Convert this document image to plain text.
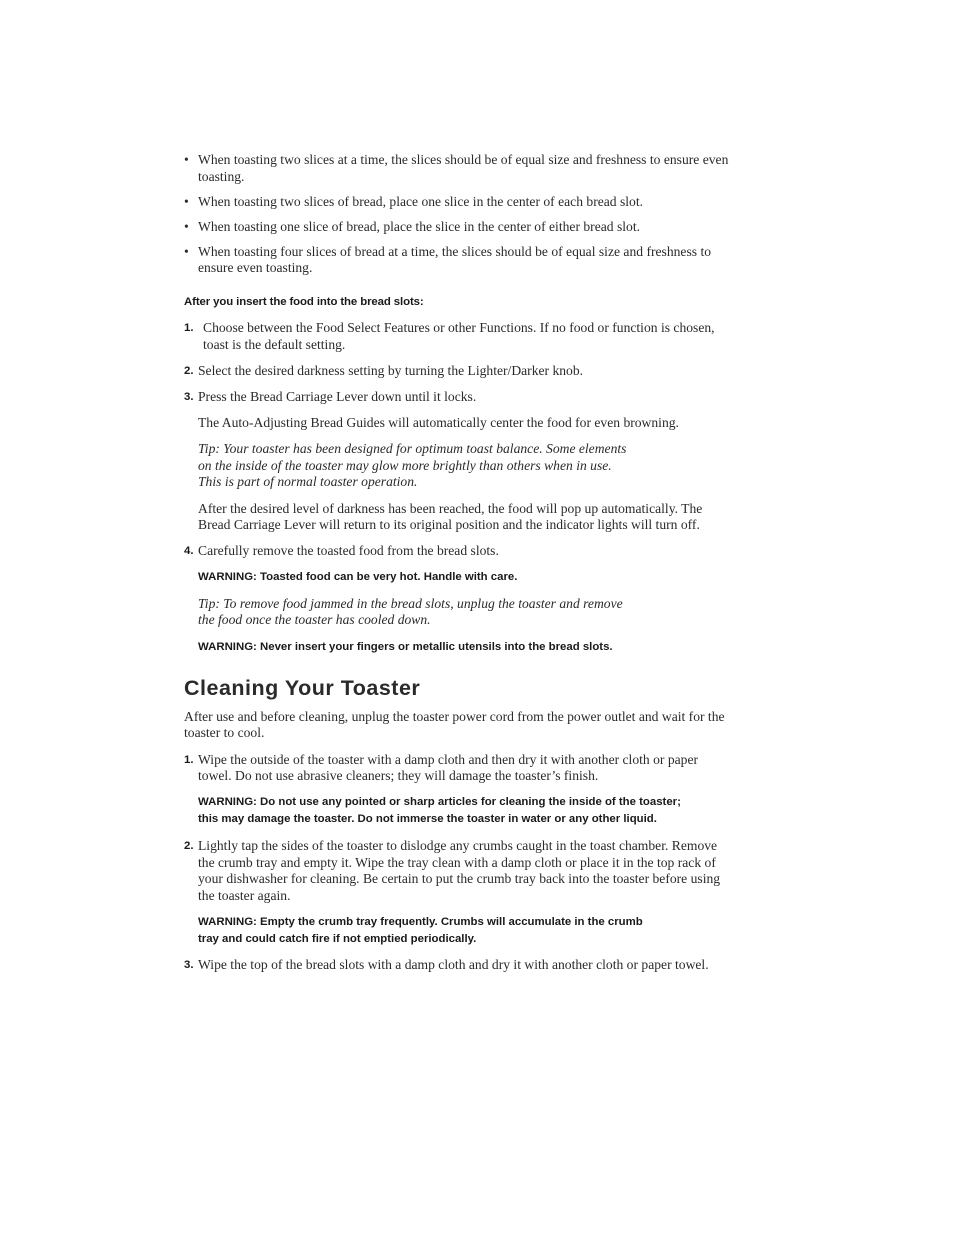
• When toasting two slices at a time, the slices should be of equal size and freshness to ensure even toasting.
• When toasting two slices of bread, place one slice in the center of each bread slot.
• When toasting one slice of bread, place the slice in the center of either bread slot.
• When toasting four slices of bread at a time, the slices should be of equal size and freshness to ensure even toasting.
After you insert the food into the bread slots:
1. Choose between the Food Select Features or other Functions. If no food or function is chosen, toast is the default setting.
2. Select the desired darkness setting by turning the Lighter/Darker knob.
3. Press the Bread Carriage Lever down until it locks.
The Auto-Adjusting Bread Guides will automatically center the food for even browning.
Tip: Your toaster has been designed for optimum toast balance. Some elements
on the inside of the toaster may glow more brightly than others when in use.
This is part of normal toaster operation.
After the desired level of darkness has been reached, the food will pop up automatically. The Bread Carriage Lever will return to its original position and the indicator lights will turn off.
4. Carefully remove the toasted food from the bread slots.
WARNING: Toasted food can be very hot. Handle with care.
Tip: To remove food jammed in the bread slots, unplug the toaster and remove
the food once the toaster has cooled down.
WARNING: Never insert your fingers or metallic utensils into the bread slots.
Cleaning Your Toaster
After use and before cleaning, unplug the toaster power cord from the power outlet and wait for the toaster to cool.
1. Wipe the outside of the toaster with a damp cloth and then dry it with another cloth or paper towel. Do not use abrasive cleaners; they will damage the toaster’s finish.
WARNING: Do not use any pointed or sharp articles for cleaning the inside of the toaster;
this may damage the toaster. Do not immerse the toaster in water or any other liquid.
2. Lightly tap the sides of the toaster to dislodge any crumbs caught in the toast chamber. Remove the crumb tray and empty it. Wipe the tray clean with a damp cloth or place it in the top rack of your dishwasher for cleaning. Be certain to put the crumb tray back into the toaster before using the toaster again.
WARNING: Empty the crumb tray frequently. Crumbs will accumulate in the crumb
tray and could catch fire if not emptied periodically.
3. Wipe the top of the bread slots with a damp cloth and dry it with another cloth or paper towel.
